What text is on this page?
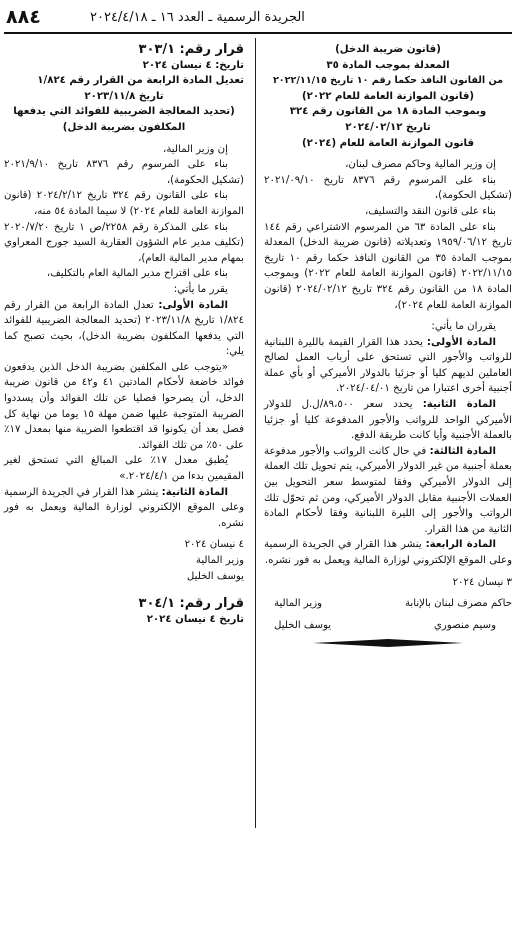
الجريدة الرسمية ـ العدد ١٦ ـ ٢٠٢٤/٤/١٨
٨٨٤

(قانون ضريبة الدخل)

المعدلة بموجب المادة ٣٥

من القانون النافذ حكما رقم ١٠ تاريخ ٢٠٢٢/١١/١٥

(قانون الموازنة العامة للعام ٢٠٢٢)

وبموجب المادة ١٨ من القانون رقم ٣٢٤

تاريخ ٢٠٢٤/٠٢/١٢

قانون الموازنة العامة للعام (٢٠٢٤)

إن وزير المالية وحاكم مصرف لبنان،

بناء على المرسوم رقم ٨٣٧٦ تاريخ ٢٠٢١/٠٩/١٠ (تشكيل الحكومة)،

بناء على قانون النقد والتسليف،

بناء على المادة ٦٣ من المرسوم الاشتراعي رقم ١٤٤ تاريخ ١٩٥٩/٠٦/١٢ وتعديلاته (قانون ضريبة الدخل) المعدلة بموجب المادة ٣٥ من القانون النافذ حكما رقم ١٠ تاريخ ٢٠٢٢/١١/١٥ (قانون الموازنة العامة للعام ٢٠٢٢) وبموجب المادة ١٨ من القانون رقم ٣٢٤ تاريخ ٢٠٢٤/٠٢/١٢ (قانون الموازنة العامة للعام ٢٠٢٤)،

يقرران ما يأتي:

المادة الأولى: يحدد هذا القرار القيمة بالليرة اللبنانية للرواتب والأجور التي تستحق على أرباب العمل لصالح العاملين لديهم كليا أو جزئيا بالدولار الأميركي أو بأي عملة أجنبية أخرى اعتبارا من تاريخ ٢٠٢٤/٠٤/٠١.

المادة الثانية: يحدد سعر ٨٩،٥٠٠/ل.ل للدولار الأميركي الواحد للرواتب والأجور المدفوعة كليا أو جزئيا بالعملة الأجنبية وأيا كانت طريقة الدفع.

المادة الثالثة: في حال كانت الرواتب والأجور مدفوعة بعملة أجنبية من غير الدولار الأميركي، يتم تحويل تلك العملة إلى الدولار الأميركي وفقا لمتوسط سعر التحويل بين العملات الأجنبية مقابل الدولار الأميركي، ومن ثم تحوّل تلك الرواتب والأجور إلى الليرة اللبنانية وفقا لأحكام المادة الثانية من هذا القرار.

المادة الرابعة: ينشر هذا القرار في الجريدة الرسمية وعلى الموقع الإلكتروني لوزارة المالية ويعمل به فور نشره.

٣ نيسان ٢٠٢٤

حاكم مصرف لبنان بالإنابة
وزير المالية
وسيم منصوري
يوسف الخليل

قرار رقم: ٣٠٣/١

تاريخ: ٤ نيسان ٢٠٢٤

تعديل المادة الرابعة من القرار رقم ١/٨٢٤

تاريخ ٢٠٢٣/١١/٨

(تحديد المعالجة الضريبية للفوائد التي يدفعها المكلفون بضريبة الدخل)

إن وزير المالية،

بناء على المرسوم رقم ٨٣٧٦ تاريخ ٢٠٢١/٩/١٠ (تشكيل الحكومة)،

بناء على القانون رقم ٣٢٤ تاريخ ٢٠٢٤/٢/١٢ (قانون الموازنة العامة للعام ٢٠٢٤) لا سيما المادة ٥٤ منه،

بناء على المذكرة رقم ٢٢٥٨/ص ١ تاريخ ٢٠٢٠/٧/٢٠ (تكليف مدير عام الشؤون العقارية السيد جورج المعراوي بمهام مدير المالية العام)،

بناء على اقتراح مدير المالية العام بالتكليف،

يقرر ما يأتي:

المادة الأولى: تعدل المادة الرابعة من القرار رقم ١/٨٢٤ تاريخ ٢٠٢٣/١١/٨ (تحديد المعالجة الضريبية للفوائد التي يدفعها المكلفون بضريبة الدخل)، بحيث تصبح كما يلي:

«يتوجب على المكلفين بضريبة الدخل الذين يدفعون فوائد خاضعة لأحكام المادتين ٤١ و٤٢ من قانون ضريبة الدخل، أن يصرحوا فصليا عن تلك الفوائد وأن يسددوا الضريبة المتوجبة عليها ضمن مهلة ١٥ يوما من نهاية كل فصل بعد أن يكونوا قد اقتطعوا الضريبة منها بمعدل ١٧٪ على ٥٠٪ من تلك الفوائد.

يُطبق معدل ١٧٪ على المبالغ التي تستحق لغير المقيمين بدءا من ٢٠٢٤/٤/١.»

المادة الثانية: ينشر هذا القرار في الجريدة الرسمية وعلى الموقع الإلكتروني لوزارة المالية ويعمل به فور نشره.

٤ نيسان ٢٠٢٤

وزير المالية

يوسف الخليل

قرار رقم: ٣٠٤/١

تاريخ ٤ نيسان ٢٠٢٤
